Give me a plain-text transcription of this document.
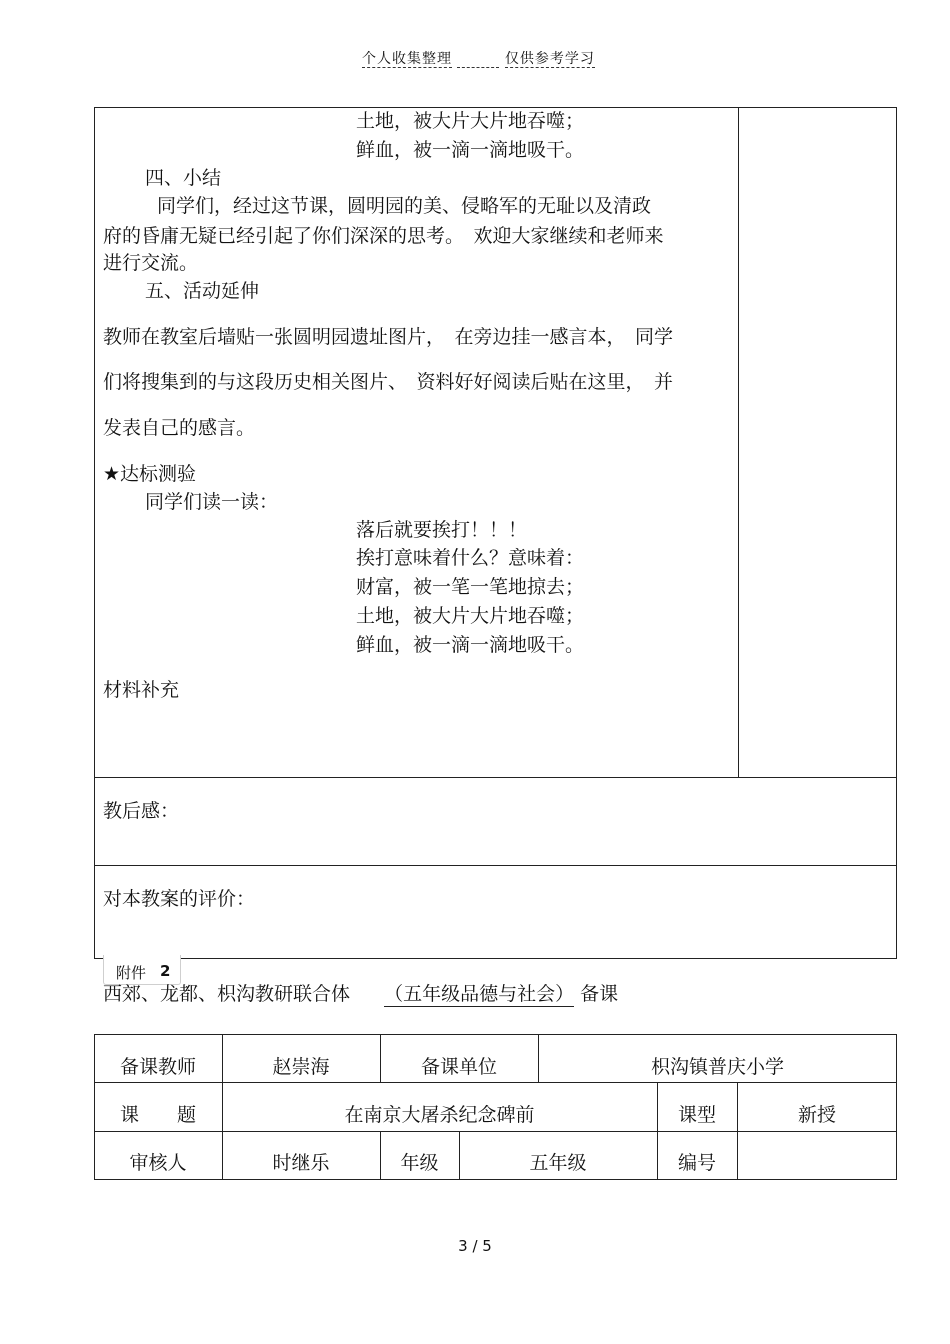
个人收集整理	仅供参考学习
土地，被大片大片地吞噬；
鲜血，被一滴一滴地吸干。
四、小结
同学们，经过这节课，圆明园的美、侵略军的无耻以及清政
府的昏庸无疑已经引起了你们深深的思考。　欢迎大家继续和老师来
进行交流。
五、活动延伸
教师在教室后墙贴一张圆明园遗址图片，　在旁边挂一感言本，　同学
们将搜集到的与这段历史相关图片、　资料好好阅读后贴在这里，　并
发表自己的感言。
★达标测验
同学们读一读：
落后就要挨打！！！
挨打意味着什么？意味着：
财富，被一笔一笔地掠去；
土地，被大片大片地吞噬；
鲜血，被一滴一滴地吸干。
材料补充
教后感：
对本教案的评价：
附件 2
西郊、龙都、枳沟教研联合体 （五年级品德与社会） 备课
备课教师	赵崇海	备课单位	枳沟镇普庆小学
课　　题	在南京大屠杀纪念碑前	课型	新授
审核人	时继乐	年级	五年级	编号
3 / 5
